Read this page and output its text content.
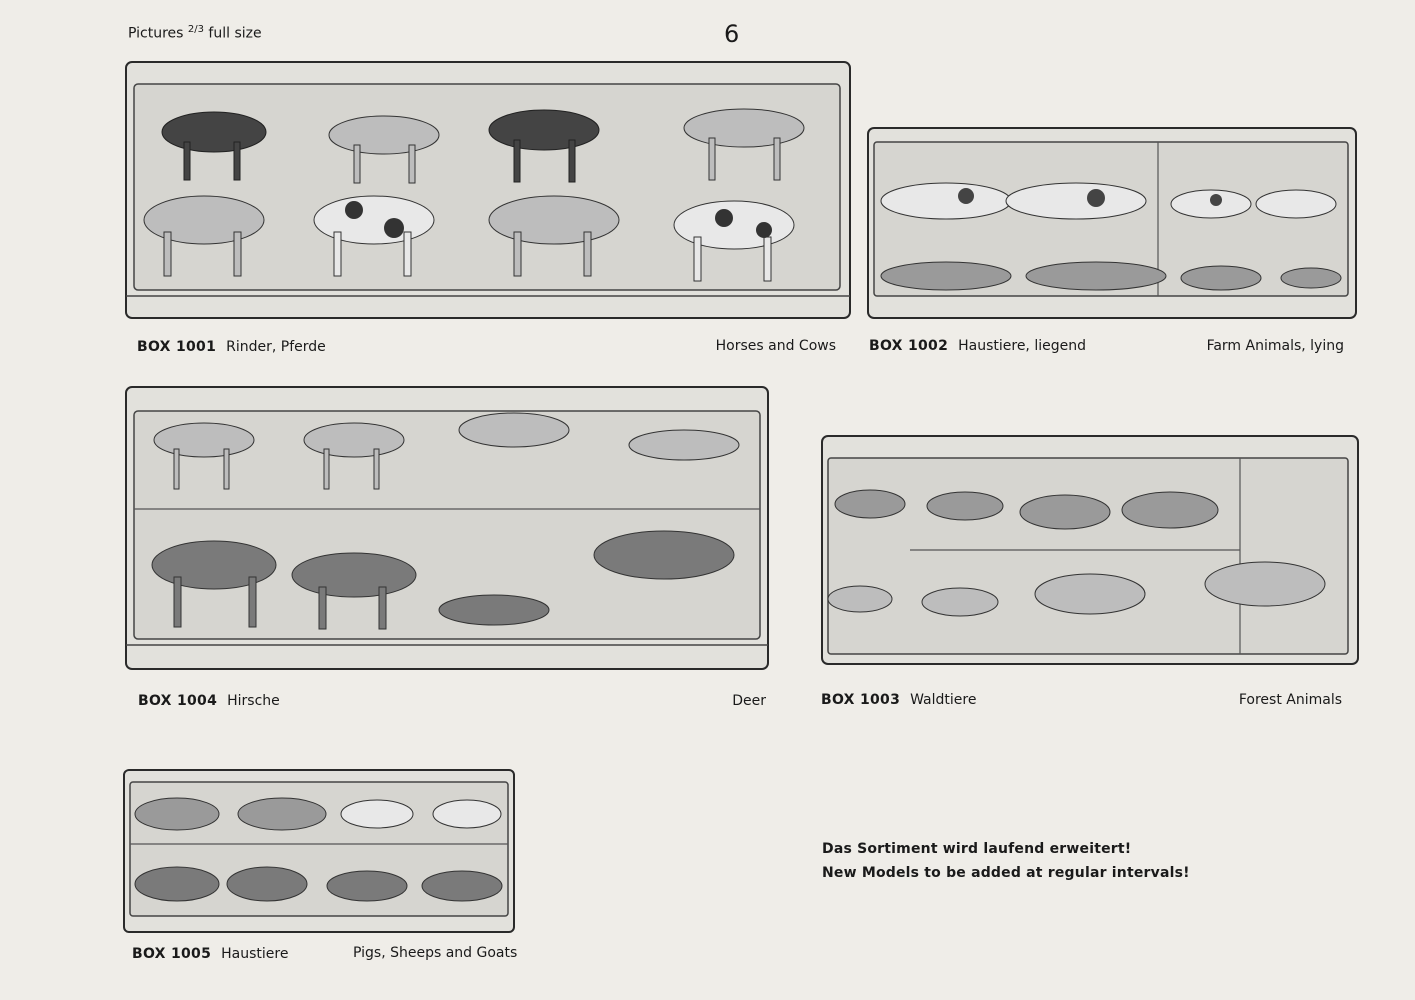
Pictures $^{2/3}$ full size	6
BOX 1001 Rinder, Pferde	Horses and Cows BOX 1002 Haustiere, liegend	Farm Animals, lying
BOX 1004 Hirsche	Deer	BOX 1003 Waldtiere	Forest Animals
BOX 1005 Haustiere	Pigs, Sheeps and Goats
Das Sortiment wird laufend erweitert!
New Models to be added at regular intervals!
